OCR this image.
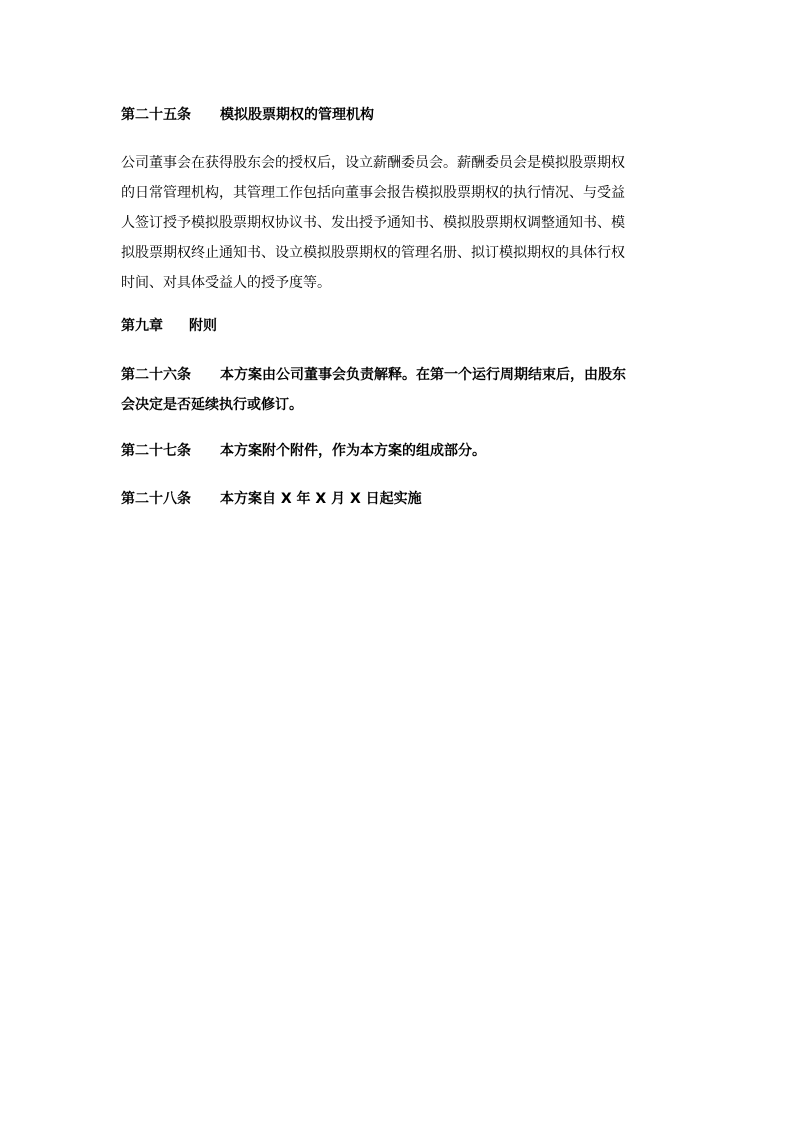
第二十五条 模拟股票期权的管理机构
公司董事会在获得股东会的授权后，设立薪酬委员会。薪酬委员会是模拟股票期权
的日常管理机构，其管理工作包括向董事会报告模拟股票期权的执行情况、与受益
人签订授予模拟股票期权协议书、发出授予通知书、模拟股票期权调整通知书、模
拟股票期权终止通知书、设立模拟股票期权的管理名册、拟订模拟期权的具体行权
时间、对具体受益人的授予度等。
第九章 附则
第二十六条 本方案由公司董事会负责解释。在第一个运行周期结束后，由股东
会决定是否延续执行或修订。
第二十七条 本方案附个附件，作为本方案的组成部分。
第二十八条 本方案自 X 年 X 月 X 日起实施
